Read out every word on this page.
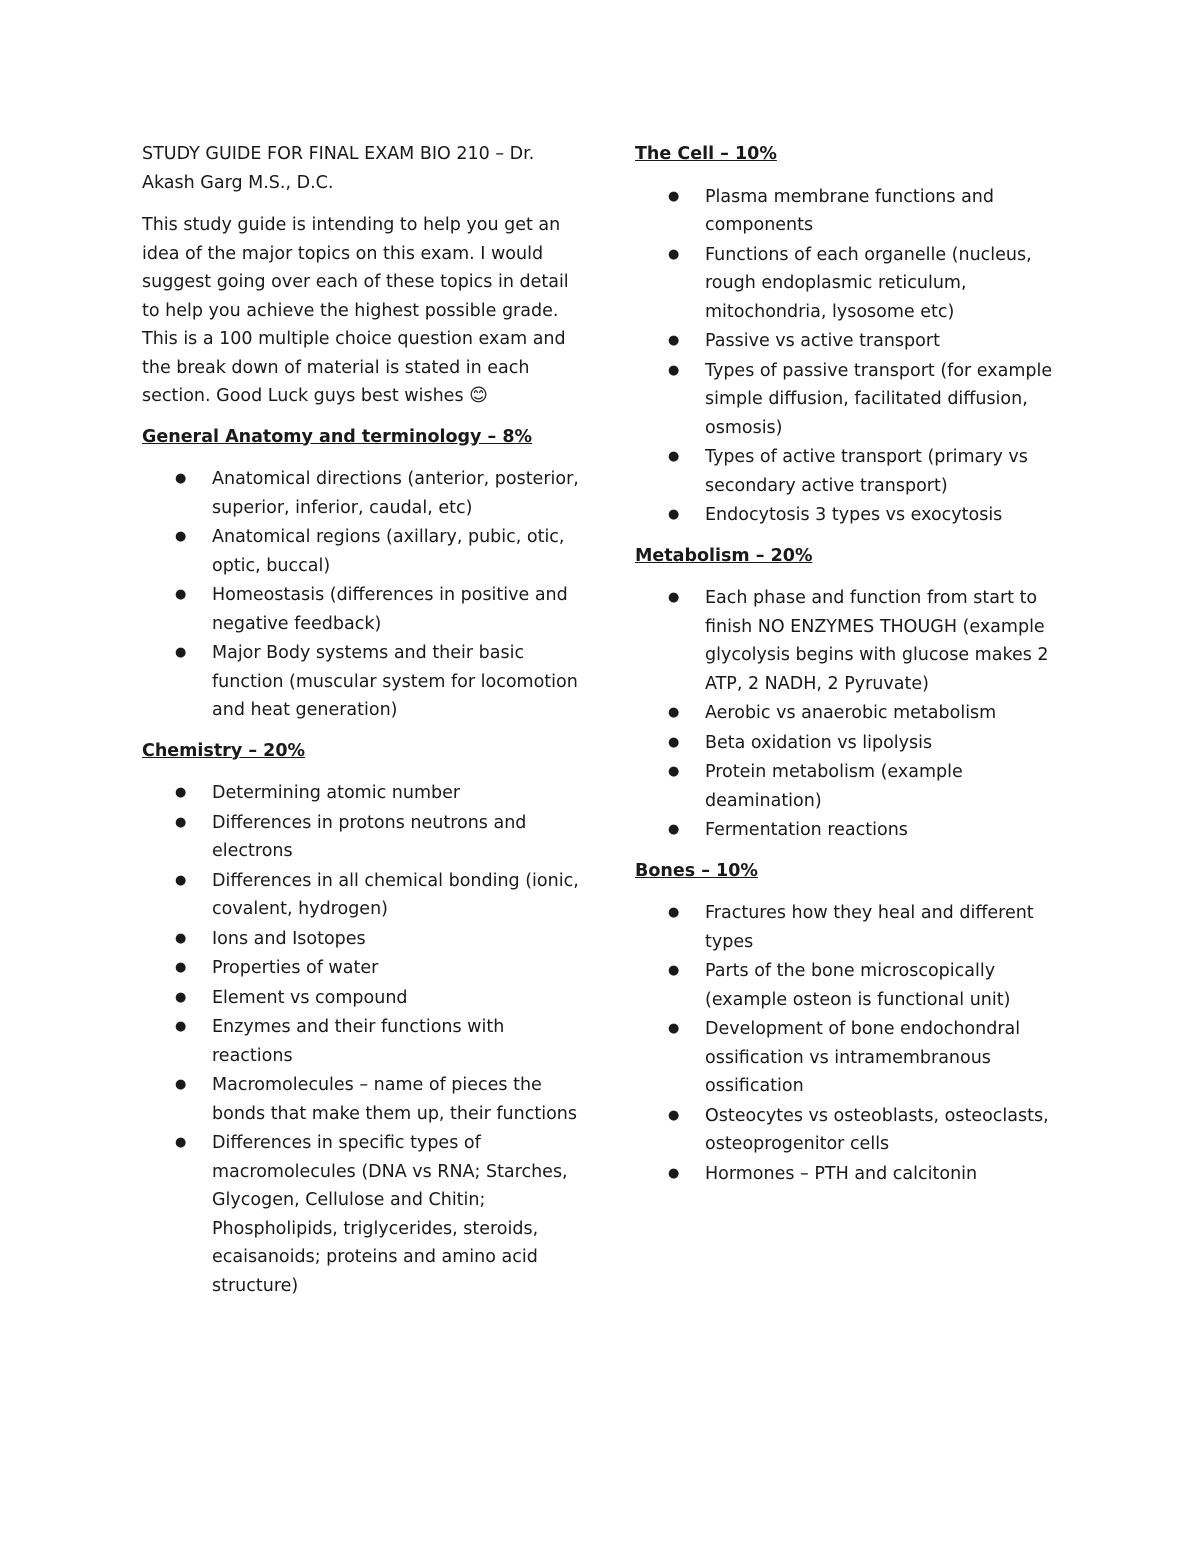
STUDY GUIDE FOR FINAL EXAM BIO 210 – Dr. Akash Garg M.S., D.C.

This study guide is intending to help you get an idea of the major topics on this exam. I would suggest going over each of these topics in detail to help you achieve the highest possible grade. This is a 100 multiple choice question exam and the break down of material is stated in each section. Good Luck guys best wishes 😊

General Anatomy and terminology – 8%
● Anatomical directions (anterior, posterior, superior, inferior, caudal, etc)
● Anatomical regions (axillary, pubic, otic, optic, buccal)
● Homeostasis (differences in positive and negative feedback)
● Major Body systems and their basic function (muscular system for locomotion and heat generation)
Chemistry – 20%
● Determining atomic number
● Differences in protons neutrons and electrons
● Differences in all chemical bonding (ionic, covalent, hydrogen)
● Ions and Isotopes
● Properties of water
● Element vs compound
● Enzymes and their functions with reactions
● Macromolecules – name of pieces the bonds that make them up, their functions
● Differences in specific types of macromolecules (DNA vs RNA; Starches, Glycogen, Cellulose and Chitin; Phospholipids, triglycerides, steroids, ecaisanoids; proteins and amino acid structure)
The Cell – 10%
● Plasma membrane functions and components
● Functions of each organelle (nucleus, rough endoplasmic reticulum, mitochondria, lysosome etc)
● Passive vs active transport
● Types of passive transport (for example simple diffusion, facilitated diffusion, osmosis)
● Types of active transport (primary vs secondary active transport)
● Endocytosis 3 types vs exocytosis
Metabolism – 20%
● Each phase and function from start to finish NO ENZYMES THOUGH (example glycolysis begins with glucose makes 2 ATP, 2 NADH, 2 Pyruvate)
● Aerobic vs anaerobic metabolism
● Beta oxidation vs lipolysis
● Protein metabolism (example deamination)
● Fermentation reactions
Bones – 10%
● Fractures how they heal and different types
● Parts of the bone microscopically (example osteon is functional unit)
● Development of bone endochondral ossification vs intramembranous ossification
● Osteocytes vs osteoblasts, osteoclasts, osteoprogenitor cells
● Hormones – PTH and calcitonin
